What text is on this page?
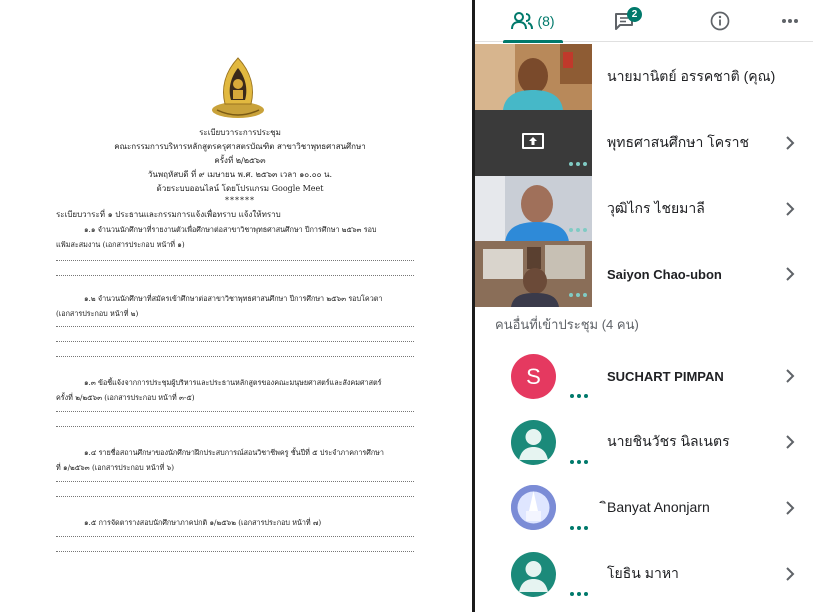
ระเบียบวาระการประชุม
คณะกรรมการบริหารหลักสูตรครุศาสตรบัณฑิต สาขาวิชาพุทธศาสนศึกษา
ครั้งที่ ๒/๒๕๖๓
วันพฤหัสบดี ที่ ๙ เมษายน พ.ศ. ๒๕๖๓ เวลา ๑๐.๐๐ น.
ด้วยระบบออนไลน์ โดยโปรแกรม Google Meet
******
ระเบียบวาระที่ ๑ ประธานและกรรมการแจ้งเพื่อทราบ แจ้งให้ทราบ
๑.๑ จำนวนนักศึกษาที่รายงานตัวเพื่อศึกษาต่อสาขาวิชาพุทธศาสนศึกษา ปีการศึกษา ๒๕๖๓ รอบ
แฟ้มสะสมงาน (เอกสารประกอบ หน้าที่ ๑)
๑.๒ จำนวนนักศึกษาที่สมัครเข้าศึกษาต่อสาขาวิชาพุทธศาสนศึกษา ปีการศึกษา ๒๕๖๓ รอบโควตา
(เอกสารประกอบ หน้าที่ ๒)
๑.๓ ข้อชี้แจ้งจากการประชุมผู้บริหารและประธานหลักสูตรของคณะมนุษยศาสตร์และสังคมศาสตร์
ครั้งที่ ๒/๒๕๖๓ (เอกสารประกอบ หน้าที่ ๓-๕)
๑.๔ รายชื่อสถานศึกษาของนักศึกษาฝึกประสบการณ์สอนวิชาชีพครู ชั้นปีที่ ๕ ประจำภาคการศึกษา
ที่ ๑/๒๕๖๓ (เอกสารประกอบ หน้าที่ ๖)
๑.๕ การจัดตารางสอบนักศึกษาภาคปกติ ๑/๒๕๖๒ (เอกสารประกอบ หน้าที่ ๗)
(8)	2
นายมานิตย์ อรรคชาติ (คุณ)
พุทธศาสนศึกษา โคราช
วุฒิไกร ไชยมาลี
Saiyon Chao-ubon
คนอื่นที่เข้าประชุม (4 คน)
S	SUCHART PIMPAN
นายชินวัชร นิลเนตร
ิBanyat Anonjarn
โยธิน มาหา
